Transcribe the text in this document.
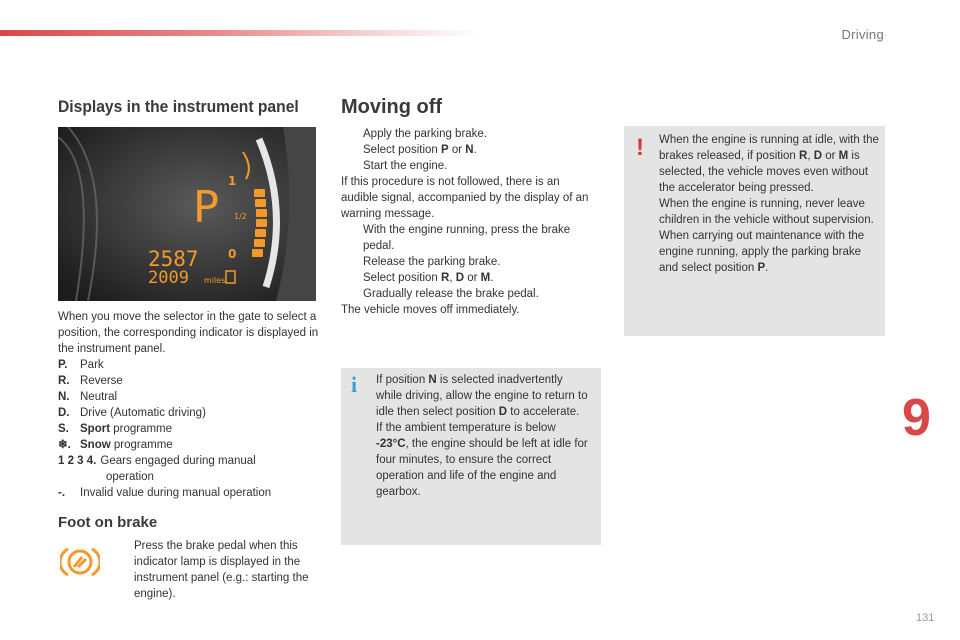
Driving
Displays in the instrument panel
P
1
1/2
0
2587
2009 miles
When you move the selector in the gate to select a position, the corresponding indicator is displayed in the instrument panel.
P.	Park
R. Reverse
N. Neutral
D. Drive (Automatic driving)
S. Sport programme
❄. Snow programme
1 2 3 4. Gears engaged during manual
operation
-.	Invalid value during manual operation
Foot on brake
Press the brake pedal when this indicator lamp is displayed in the instrument panel (e.g.: starting the engine).
Moving off
Apply the parking brake.
Select position P or N.
Start the engine.
If this procedure is not followed, there is an audible signal, accompanied by the display of an warning message.
With the engine running, press the brake pedal.
Release the parking brake.
Select position R, D or M.
Gradually release the brake pedal.
The vehicle moves off immediately.
i If position N is selected inadvertently while driving, allow the engine to return to idle then select position D to accelerate.
If the ambient temperature is below -23°C, the engine should be left at idle for four minutes, to ensure the correct operation and life of the engine and gearbox.
! When the engine is running at idle, with the brakes released, if position R, D or M is selected, the vehicle moves even without the accelerator being pressed.
When the engine is running, never leave children in the vehicle without supervision.
When carrying out maintenance with the engine running, apply the parking brake and select position P.
9
131
